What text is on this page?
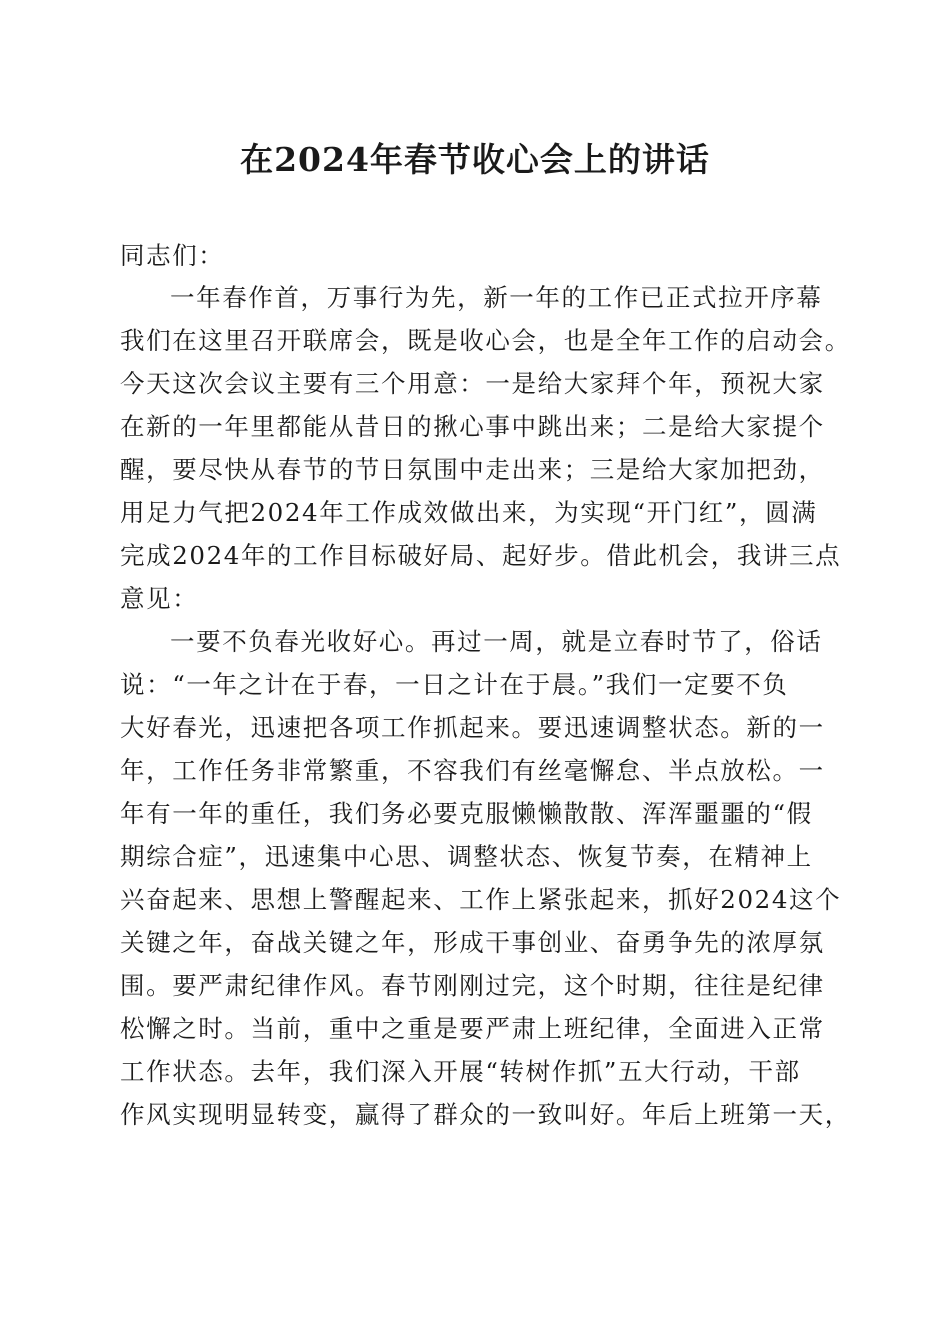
在2024年春节收心会上的讲话
同志们：
一年春作首，万事行为先，新一年的工作已正式拉开序幕
我们在这里召开联席会，既是收心会，也是全年工作的启动会。
今天这次会议主要有三个用意：一是给大家拜个年，预祝大家
在新的一年里都能从昔日的揪心事中跳出来；二是给大家提个
醒，要尽快从春节的节日氛围中走出来；三是给大家加把劲，
用足力气把2024年工作成效做出来，为实现“开门红”，圆满
完成2024年的工作目标破好局、起好步。借此机会，我讲三点
意见：
一要不负春光收好心。再过一周，就是立春时节了，俗话
说：“一年之计在于春，一日之计在于晨。”我们一定要不负
大好春光，迅速把各项工作抓起来。要迅速调整状态。新的一
年，工作任务非常繁重，不容我们有丝毫懈怠、半点放松。一
年有一年的重任，我们务必要克服懒懒散散、浑浑噩噩的“假
期综合症”，迅速集中心思、调整状态、恢复节奏，在精神上
兴奋起来、思想上警醒起来、工作上紧张起来，抓好2024这个
关键之年，奋战关键之年，形成干事创业、奋勇争先的浓厚氛
围。要严肃纪律作风。春节刚刚过完，这个时期，往往是纪律
松懈之时。当前，重中之重是要严肃上班纪律，全面进入正常
工作状态。去年，我们深入开展“转树作抓”五大行动，干部
作风实现明显转变，赢得了群众的一致叫好。年后上班第一天，
